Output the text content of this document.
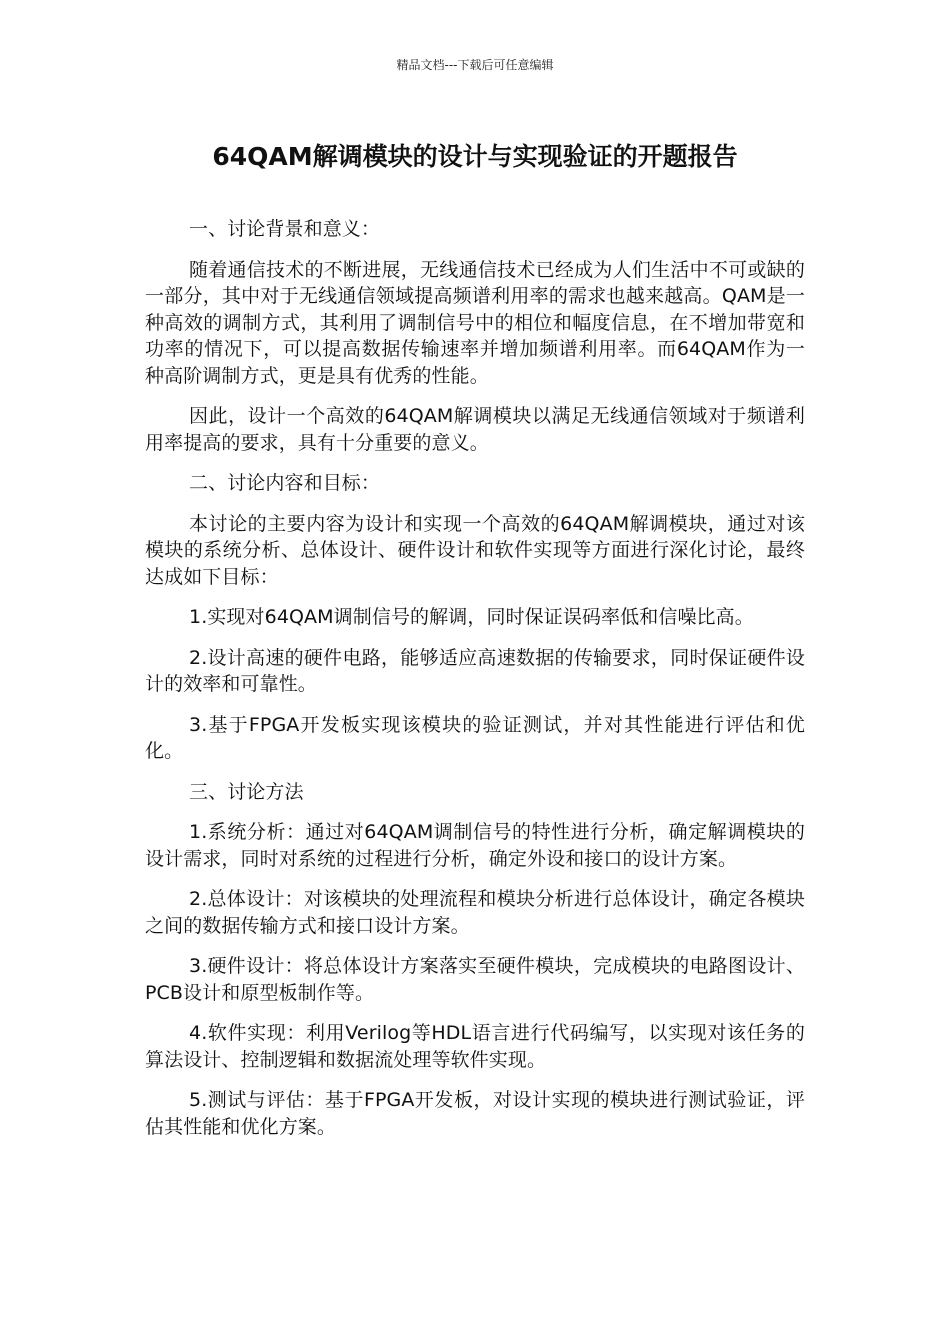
精品文档---下载后可任意编辑
64QAM解调模块的设计与实现验证的开题报告

一、讨论背景和意义：

随着通信技术的不断进展，无线通信技术已经成为人们生活中不可或缺的一部分，其中对于无线通信领域提高频谱利用率的需求也越来越高。QAM是一种高效的调制方式，其利用了调制信号中的相位和幅度信息，在不增加带宽和功率的情况下，可以提高数据传输速率并增加频谱利用率。而64QAM作为一种高阶调制方式，更是具有优秀的性能。

因此，设计一个高效的64QAM解调模块以满足无线通信领域对于频谱利用率提高的要求，具有十分重要的意义。

二、讨论内容和目标：

本讨论的主要内容为设计和实现一个高效的64QAM解调模块，通过对该模块的系统分析、总体设计、硬件设计和软件实现等方面进行深化讨论，最终达成如下目标：

1.实现对64QAM调制信号的解调，同时保证误码率低和信噪比高。

2.设计高速的硬件电路，能够适应高速数据的传输要求，同时保证硬件设计的效率和可靠性。

3.基于FPGA开发板实现该模块的验证测试，并对其性能进行评估和优化。

三、讨论方法

1.系统分析：通过对64QAM调制信号的特性进行分析，确定解调模块的设计需求，同时对系统的过程进行分析，确定外设和接口的设计方案。

2.总体设计：对该模块的处理流程和模块分析进行总体设计，确定各模块之间的数据传输方式和接口设计方案。

3.硬件设计：将总体设计方案落实至硬件模块，完成模块的电路图设计、PCB设计和原型板制作等。

4.软件实现：利用Verilog等HDL语言进行代码编写，以实现对该任务的算法设计、控制逻辑和数据流处理等软件实现。

5.测试与评估：基于FPGA开发板，对设计实现的模块进行测试验证，评估其性能和优化方案。
